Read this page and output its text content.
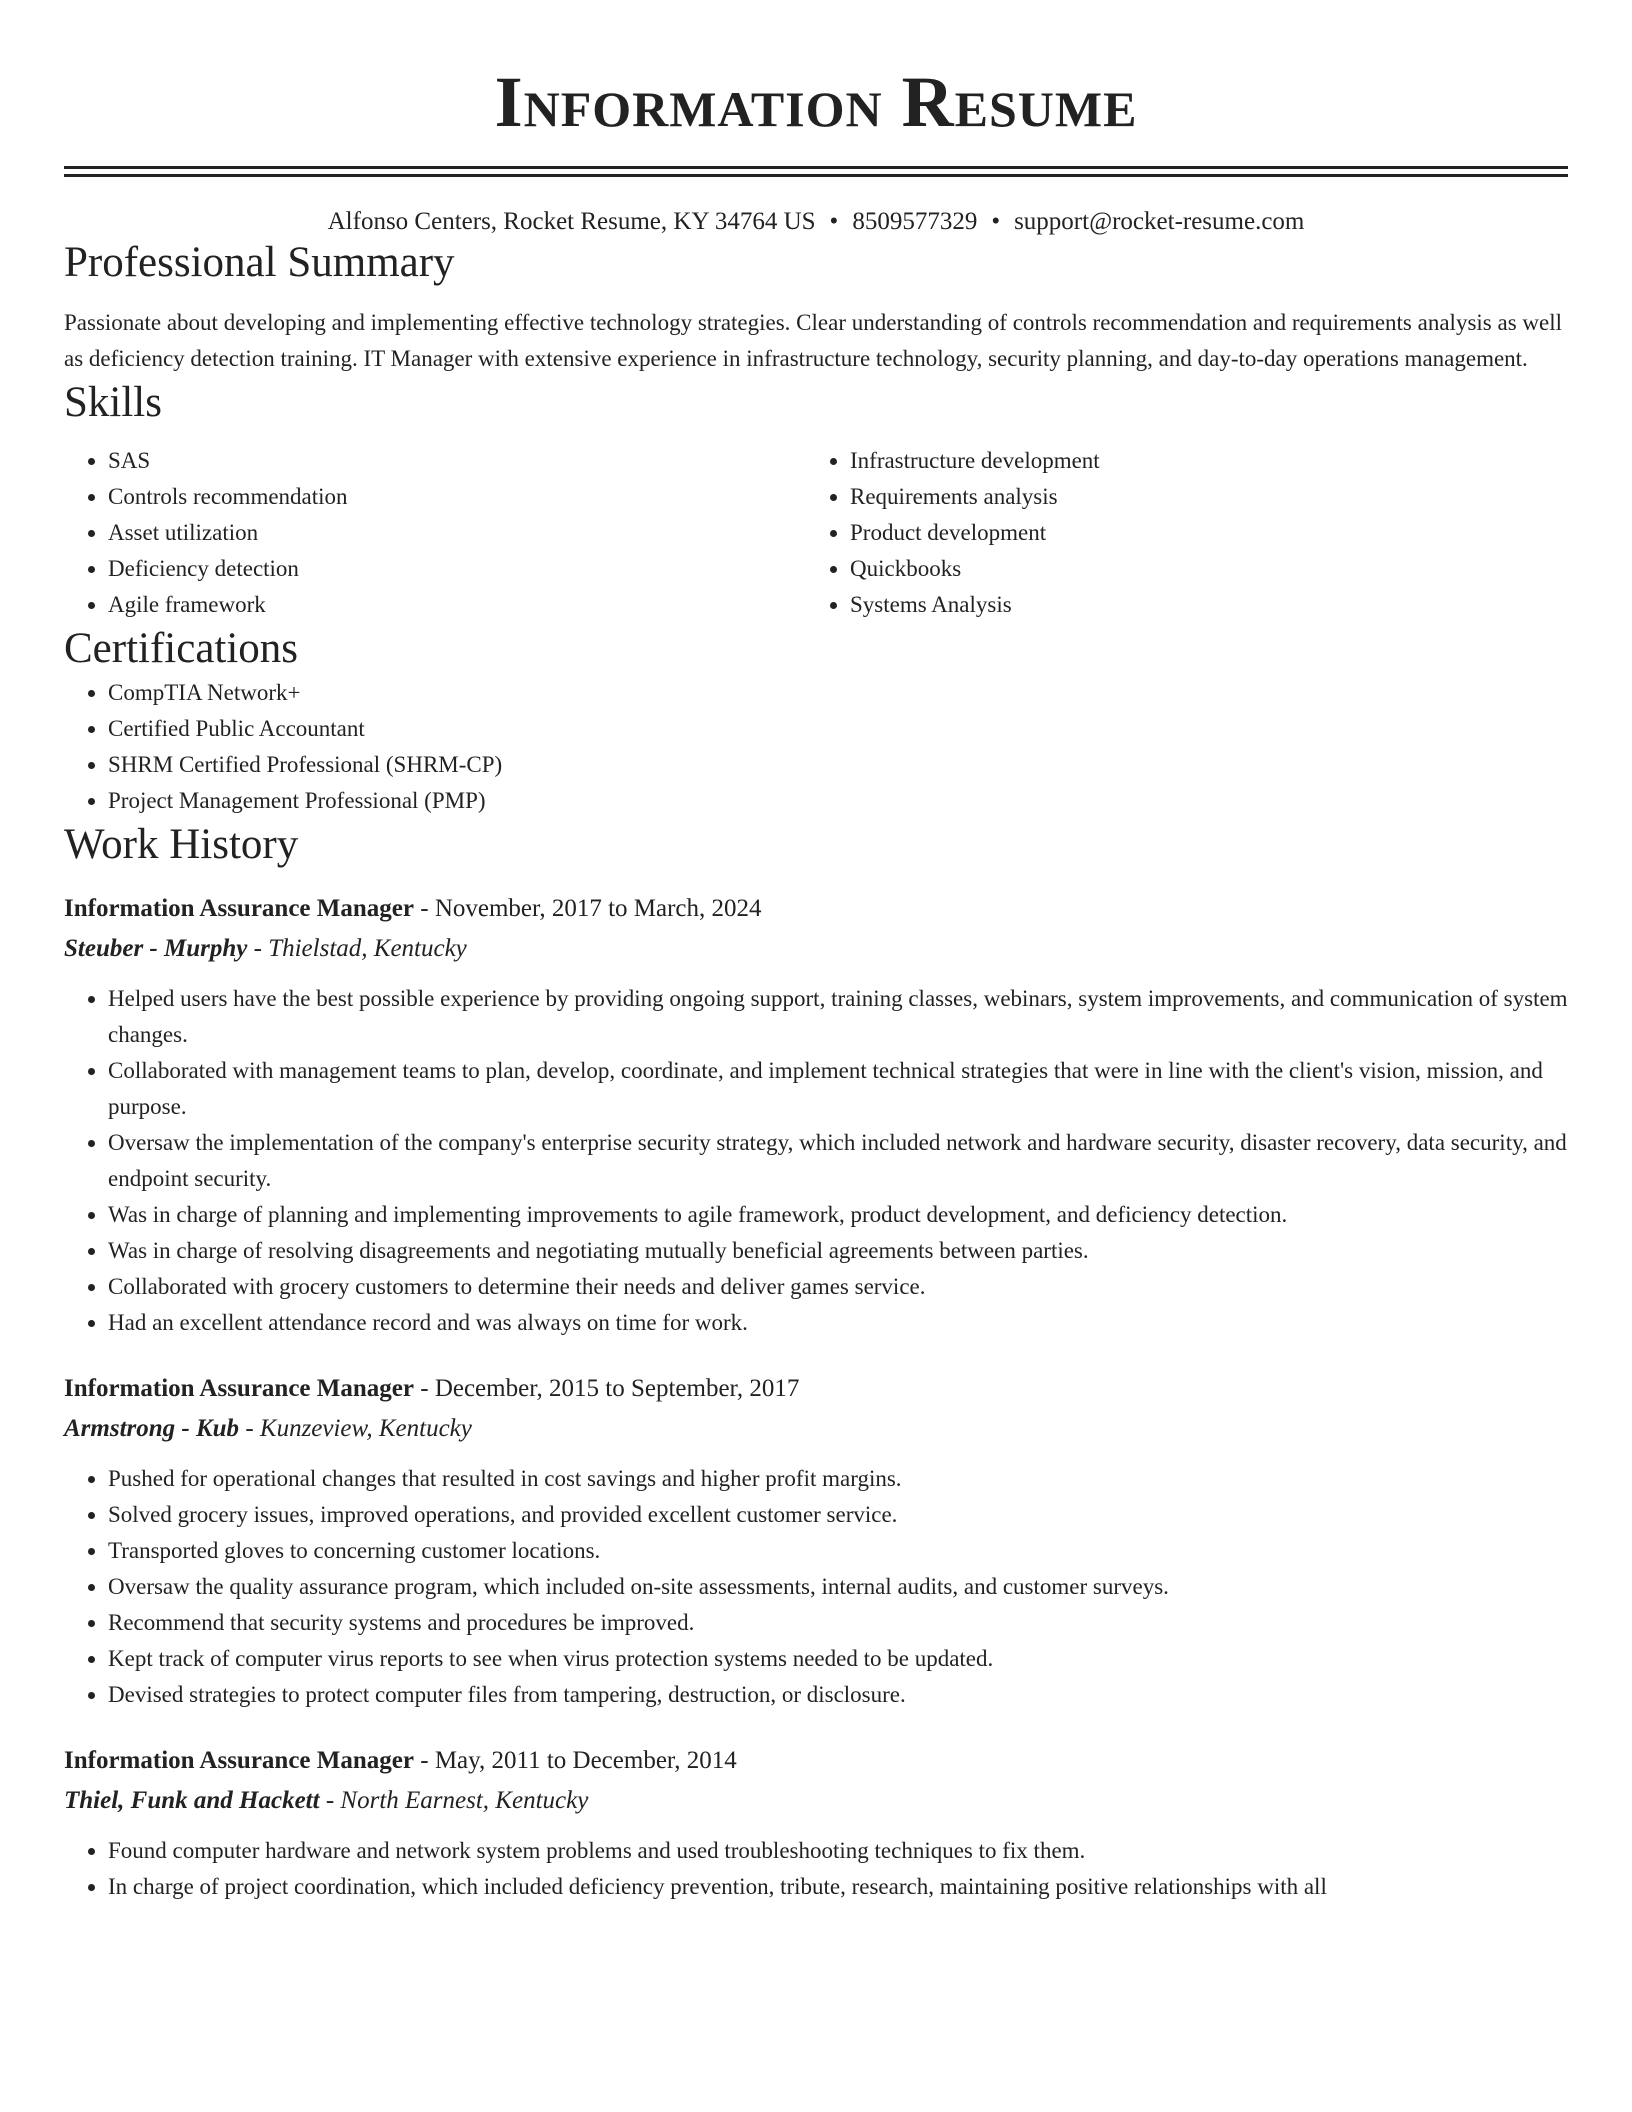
Information Resume
Alfonso Centers, Rocket Resume, KY 34764 US • 8509577329 • support@rocket-resume.com
Professional Summary

Passionate about developing and implementing effective technology strategies. Clear understanding of controls recommendation and requirements analysis as well as deficiency detection training. IT Manager with extensive experience in infrastructure technology, security planning, and day-to-day operations management.

Skills
• SAS
• Controls recommendation
• Asset utilization
• Deficiency detection
• Agile framework
• Infrastructure development
• Requirements analysis
• Product development
• Quickbooks
• Systems Analysis
Certifications
• CompTIA Network+
• Certified Public Accountant
• SHRM Certified Professional (SHRM-CP)
• Project Management Professional (PMP)
Work History
Information Assurance Manager - November, 2017 to March, 2024
Steuber - Murphy - Thielstad, Kentucky
• Helped users have the best possible experience by providing ongoing support, training classes, webinars, system improvements, and communication of system changes.
• Collaborated with management teams to plan, develop, coordinate, and implement technical strategies that were in line with the client's vision, mission, and purpose.
• Oversaw the implementation of the company's enterprise security strategy, which included network and hardware security, disaster recovery, data security, and endpoint security.
• Was in charge of planning and implementing improvements to agile framework, product development, and deficiency detection.
• Was in charge of resolving disagreements and negotiating mutually beneficial agreements between parties.
• Collaborated with grocery customers to determine their needs and deliver games service.
• Had an excellent attendance record and was always on time for work.
Information Assurance Manager - December, 2015 to September, 2017
Armstrong - Kub - Kunzeview, Kentucky
• Pushed for operational changes that resulted in cost savings and higher profit margins.
• Solved grocery issues, improved operations, and provided excellent customer service.
• Transported gloves to concerning customer locations.
• Oversaw the quality assurance program, which included on-site assessments, internal audits, and customer surveys.
• Recommend that security systems and procedures be improved.
• Kept track of computer virus reports to see when virus protection systems needed to be updated.
• Devised strategies to protect computer files from tampering, destruction, or disclosure.
Information Assurance Manager - May, 2011 to December, 2014
Thiel, Funk and Hackett - North Earnest, Kentucky
• Found computer hardware and network system problems and used troubleshooting techniques to fix them.
• In charge of project coordination, which included deficiency prevention, tribute, research, maintaining positive relationships with all
